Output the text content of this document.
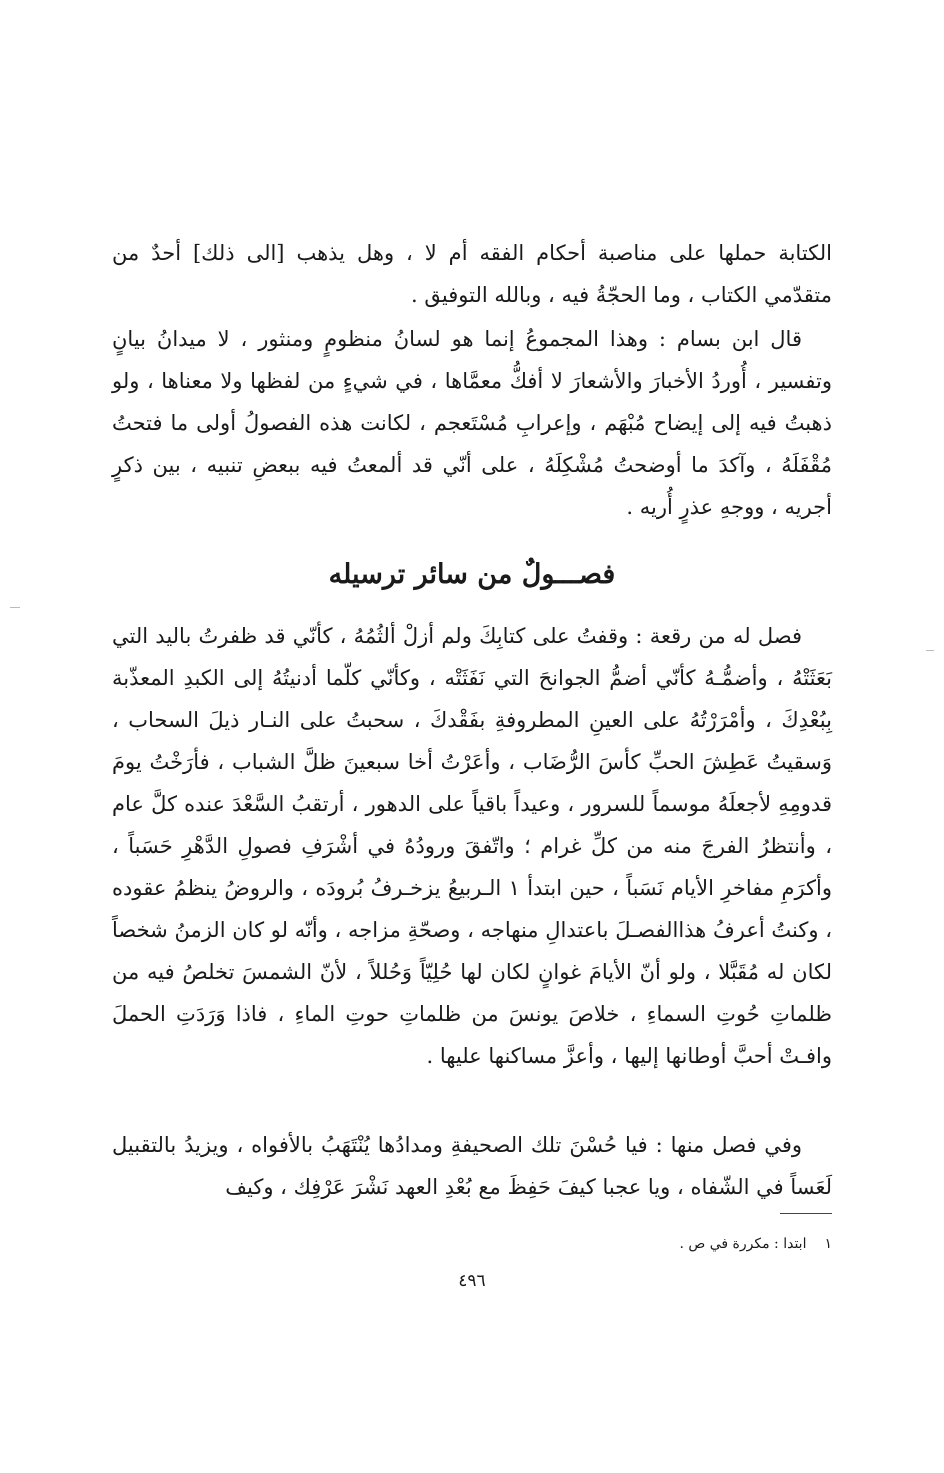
الكتابة حملها على مناصبة أحكام الفقه أم لا ، وهل يذهب [الى ذلك] أحدٌ من متقدّمي الكتاب ، وما الحجّةُ فيه ، وبالله التوفيق .

قال ابن بسام : وهذا المجموعُ إنما هو لسانُ منظومٍ ومنثور ، لا ميدانُ بيانٍ وتفسير ، أُوردُ الأخبارَ والأشعارَ لا أفكُّ معمَّاها ، في شيءٍ من لفظها ولا معناها ، ولو ذهبتُ فيه إلى إيضاح مُبْهَم ، وإعرابِ مُسْتَعجم ، لكانت هذه الفصولُ أولى ما فتحتُ مُقْفَلَهُ ، وآكدَ ما أوضحتُ مُشْكِلَهُ ، على أنّي قد ألمعتُ فيه ببعضِ تنبيه ، بين ذكرٍ أجريه ، ووجهِ عذرٍ أُريه .

فصـــولٌ من سائر ترسيله

فصل له من رقعة : وقفتُ على كتابِكَ ولم أزلْ ألثُمُهُ ، كأنّي قد ظفرتُ باليد التي بَعَثَتْهُ ، وأضمُّـهُ كأنّي أضمُّ الجوانحَ التي نَفَثَتْه ، وكأنّي كلّما أدنيتُهُ إلى الكبدِ المعذّبة بِبُعْدِكَ ، وأمْرَرْتُهُ على العينِ المطروفةِ بفَقْدكَ ، سحبتُ على النـار ذيلَ السحاب ، وَسقيتُ عَطِشَ الحبِّ كأسَ الرُّضَاب ، وأعَرْتُ أخا سبعينَ ظلَّ الشباب ، فأرَخْتُ يومَ قدومِهِ لأجعلَهُ موسماً للسرور ، وعيداً باقياً على الدهور ، أرتقبُ السَّعْدَ عنده كلَّ عام ، وأنتظرُ الفرجَ منه من كلِّ غرام ؛ واتّفقَ ورودُهُ في أشْرَفِ فصولِ الدَّهْرِ حَسَباً ، وأكرَمِ مفاخرِ الأيام نَسَباً ، حين ابتدأ ١ الـربيعُ يزخـرفُ بُرودَه ، والروضُ ينظمُ عقوده ، وكنتُ أعرفُ هذاالفصـلَ باعتدالِ منهاجه ، وصحّةِ مزاجه ، وأنّه لو كان الزمنُ شخصاً لكان له مُقَبَّلا ، ولو أنّ الأيامَ غوانٍ لكان لها حُلِيّاً وَحُللاً ، لأنّ الشمسَ تخلصُ فيه من ظلماتِ حُوتِ السماءِ ، خلاصَ يونسَ من ظلماتِ حوتِ الماءِ ، فاذا وَرَدَتِ الحملَ وافـتْ أحبَّ أوطانها إليها ، وأعزَّ مساكنها عليها .

وفي فصل منها : فيا حُسْنَ تلك الصحيفةِ ومدادُها يُنْتَهَبُ بالأفواه ، ويزيدُ بالتقبيل لَعَساً في الشّفاه ، ويا عجبا كيفَ حَفِظَ مع بُعْدِ العهد نَشْرَ عَرْفِك ، وكيف

١ابتدا : مكررة في ص .
٤٩٦
